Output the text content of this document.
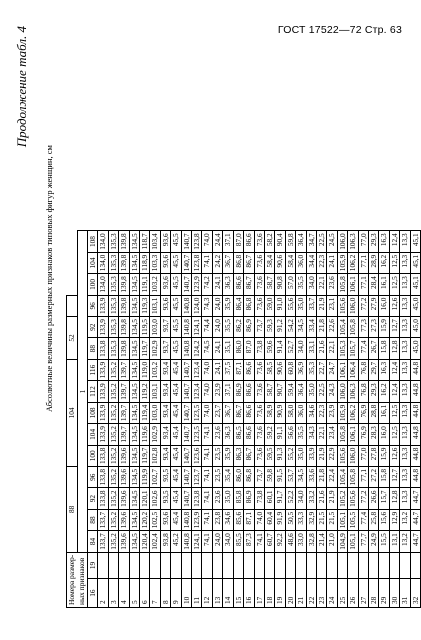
ГОСТ 17522—72 Стр. 63
Продолжение табл. 4
Абсолютные величины размерных признаков типовых фигур женщин, см
Номера размер- ных признаков		88				104					52					
		1														
16	19	84	88	92	96	100	104	108	112	116	88	92	96	100	104	108
2		133,7	133,7	133,8	133,8	133,8	133,9	133,9	133,9	133,9	133,8	133,9	133,9	134,0	134,0	134,0
3		135,2	135,2	135,2	135,2	135,2	135,2	135,2	135,2	135,2	135,3	135,3	135,3	135,3	135,3	135,3
4		139,6	139,6	139,6	139,6	139,6	139,7	139,7	139,7	139,7	139,8	139,8	139,8	139,8	139,8	139,8
5		134,5	134,5	134,5	134,5	134,5	134,5	134,5	134,5	134,5	134,5	134,5	134,5	134,5	134,5	134,5
6		120,4	120,2	120,1	119,9	119,7	119,6	119,4	119,2	119,0	119,7	119,5	119,3	119,1	118,9	118,7
7		102,4	102,5	102,6	102,7	102,8	102,9	103,0	103,1	103,2	102,9	103,0	103,1	103,2	103,3	103,4
8		93,8	93,6	93,5	93,5	93,4	93,4	93,4	93,4	93,4	93,7	93,7	93,6	93,6	93,6	93,6
9		45,2	45,4	45,4	45,4	45,4	45,4	45,4	45,4	45,4	45,5	45,5	45,5	45,5	45,5	45,5
10		140,8	140,8	140,7	140,7	140,7	140,7	140,7	140,7	140,7	140,8	140,8	140,8	140,7	140,7	140,7
11		124,1	123,9	123,8	123,7	123,6	123,5	123,5	123,4	123,4	124,2	124,1	124,0	123,9	123,8	123,8
12		74,1	74,1	74,1	74,1	74,1	74,1	74,0	74,0	74,0	74,5	74,4	74,3	74,2	74,1	74,0
13		24,0	23,8	23,6	23,5	23,5	23,6	23,7	23,9	24,1	24,1	24,0	24,0	24,1	24,2	24,4
14		34,0	34,6	35,0	35,4	35,9	36,3	36,7	37,1	37,5	35,1	35,5	35,9	36,3	36,7	37,1
15		85,5	85,6	85,8	86,0	86,3	86,5	86,7	86,9	87,1	86,0	86,2	86,4	86,6	86,8	87,0
16		87,3	87,1	86,9	86,8	86,7	86,6	86,6	86,6	86,6	87,0	86,9	86,8	86,7	86,7	86,6
17		74,1	74,0	73,8	73,7	73,6	73,6	73,6	73,6	73,6	73,8	73,7	73,6	73,6	73,6	73,6
18		60,7	60,4	60,1	59,8	59,5	59,2	58,9	58,7	58,5	59,6	59,3	59,0	58,7	58,4	58,2
19		92,2	91,9	91,7	91,5	91,3	91,1	90,9	90,7	90,6	91,4	91,2	91,0	90,8	90,6	90,4
20		48,6	50,5	52,2	53,7	55,2	56,6	58,0	59,4	60,8	52,7	54,2	55,6	57,0	58,4	59,8
21		33,0	33,3	34,0	34,5	35,0	35,5	36,0	36,4	36,9	34,0	34,5	35,0	35,5	36,0	36,4
22		32,8	32,9	33,2	33,6	33,9	34,3	34,6	35,0	35,3	33,1	33,4	33,7	34,0	34,4	34,7
23		21,4	21,5	21,6	21,8	21,9	22,1	22,3	22,5	22,7	21,6	21,8	21,9	22,1	22,3	22,5
24		21,0	21,5	21,9	22,4	22,9	23,4	23,9	24,3	24,7	22,1	22,6	23,1	23,6	24,1	24,5
25		104,9	105,1	105,2	105,4	105,6	105,8	105,9	106,0	106,1	105,3	105,4	105,6	105,8	105,9	106,0
26		105,1	105,5	105,6	105,8	106,0	106,1	106,2	106,3	106,4	105,7	105,8	106,0	106,1	106,2	106,3
27		77,7	77,4	77,2	77,1	77,0	76,9	76,9	76,8	76,8	77,4	77,3	77,2	77,1	77,1	77,0
28		24,9	25,8	26,6	27,2	27,8	28,3	28,8	29,3	29,7	26,7	27,3	27,9	28,4	28,9	29,3
29		15,5	15,6	15,7	15,8	15,9	16,0	16,1	16,2	16,3	15,8	15,9	16,0	16,1	16,2	16,3
30		13,1	12,9	12,8	12,7	12,6	12,5	12,5	12,4	12,4	12,8	12,7	12,6	12,5	12,5	12,4
31		13,2	13,2	13,3	13,3	13,3	13,3	13,3	13,3	13,3	13,3	13,3	13,3	13,3	13,3	13,3
32		44,7	44,7	44,7	44,8	44,8	44,8	44,8	44,8	44,8	45,0	45,0	45,0	45,1	45,1	45,1
